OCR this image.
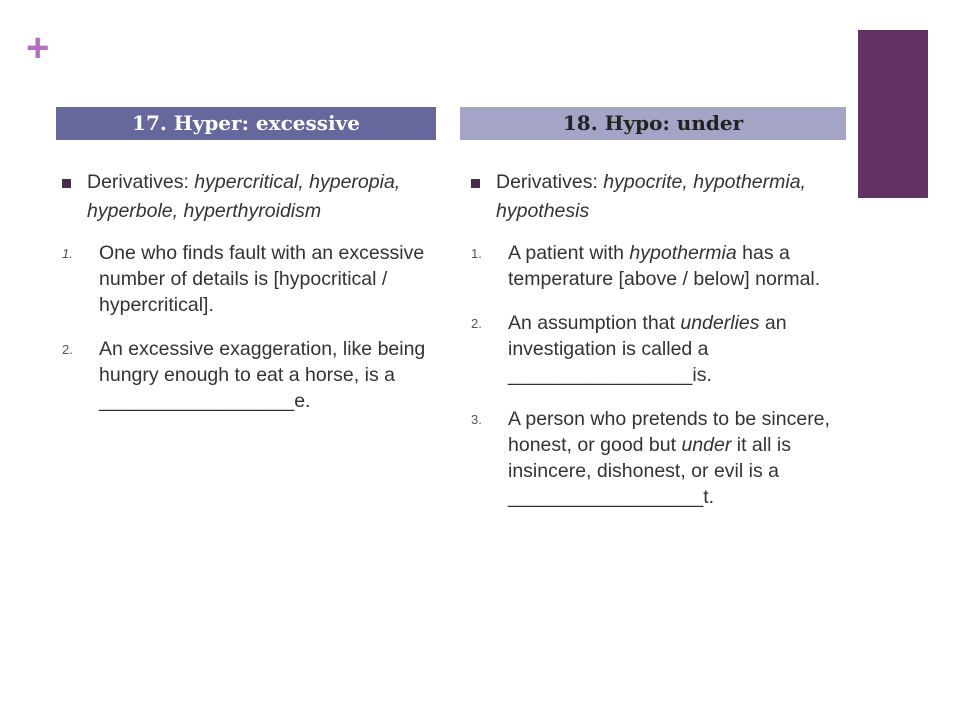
+
17. Hyper: excessive	18. Hypo: under
Derivatives: hypercritical, hyperopia, hyperbole, hyperthyroidism
1. One who finds fault with an excessive number of details is [hypocritical / hypercritical].
2. An excessive exaggeration, like being hungry enough to eat a horse, is a __________________e.
Derivatives: hypocrite, hypothermia, hypothesis
1. A patient with hypothermia has a temperature [above / below] normal.
2. An assumption that underlies an investigation is called a _________________is.
3. A person who pretends to be sincere, honest, or good but under it all is insincere, dishonest, or evil is a __________________t.
